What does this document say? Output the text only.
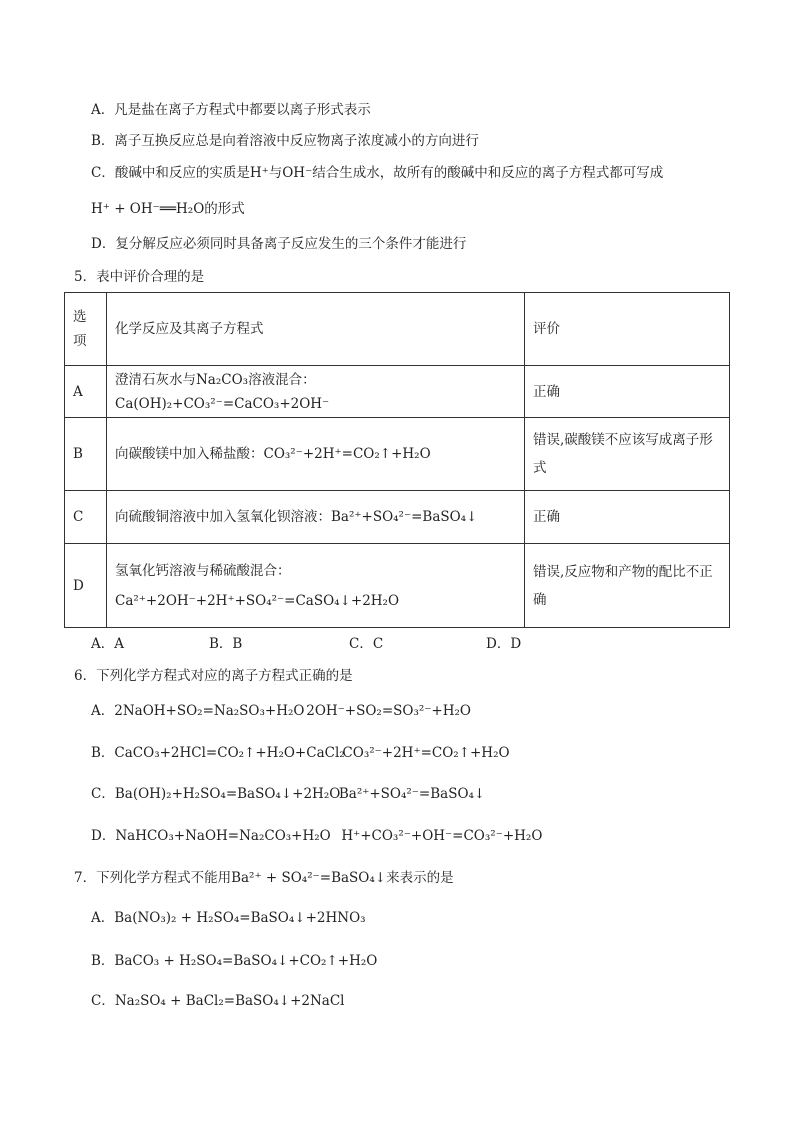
A．凡是盐在离子方程式中都要以离子形式表示
B．离子互换反应总是向着溶液中反应物离子浓度减小的方向进行
C．酸碱中和反应的实质是H⁺与OH⁻结合生成水，故所有的酸碱中和反应的离子方程式都可写成
H⁺ + OH⁻══H₂O的形式
D．复分解反应必须同时具备离子反应发生的三个条件才能进行
5．表中评价合理的是
选项	化学反应及其离子方程式	评价
A	澄清石灰水与Na₂CO₃溶液混合：Ca(OH)₂+CO₃²⁻=CaCO₃+2OH⁻	正确
B	向碳酸镁中加入稀盐酸：CO₃²⁻+2H⁺=CO₂↑+H₂O	错误,碳酸镁不应该写成离子形式
C	向硫酸铜溶液中加入氢氧化钡溶液：Ba²⁺+SO₄²⁻=BaSO₄↓	正确
D	氢氧化钙溶液与稀硫酸混合：
Ca²⁺+2OH⁻+2H⁺+SO₄²⁻=CaSO₄↓+2H₂O	错误,反应物和产物的配比不正确
A．A	B．B	C．C	D．D
6．下列化学方程式对应的离子方程式正确的是
A．2NaOH+SO₂=Na₂SO₃+H₂O 2OH⁻+SO₂=SO₃²⁻+H₂O
B．CaCO₃+2HCl=CO₂↑+H₂O+CaCl₂CO₃²⁻+2H⁺=CO₂↑+H₂O
C．Ba(OH)₂+H₂SO₄=BaSO₄↓+2H₂OBa²⁺+SO₄²⁻=BaSO₄↓
D．NaHCO₃+NaOH=Na₂CO₃+H₂O H⁺+CO₃²⁻+OH⁻=CO₃²⁻+H₂O
7．下列化学方程式不能用Ba²⁺ + SO₄²⁻=BaSO₄↓来表示的是
A．Ba(NO₃)₂ + H₂SO₄=BaSO₄↓+2HNO₃
B．BaCO₃ + H₂SO₄=BaSO₄↓+CO₂↑+H₂O
C．Na₂SO₄ + BaCl₂=BaSO₄↓+2NaCl
